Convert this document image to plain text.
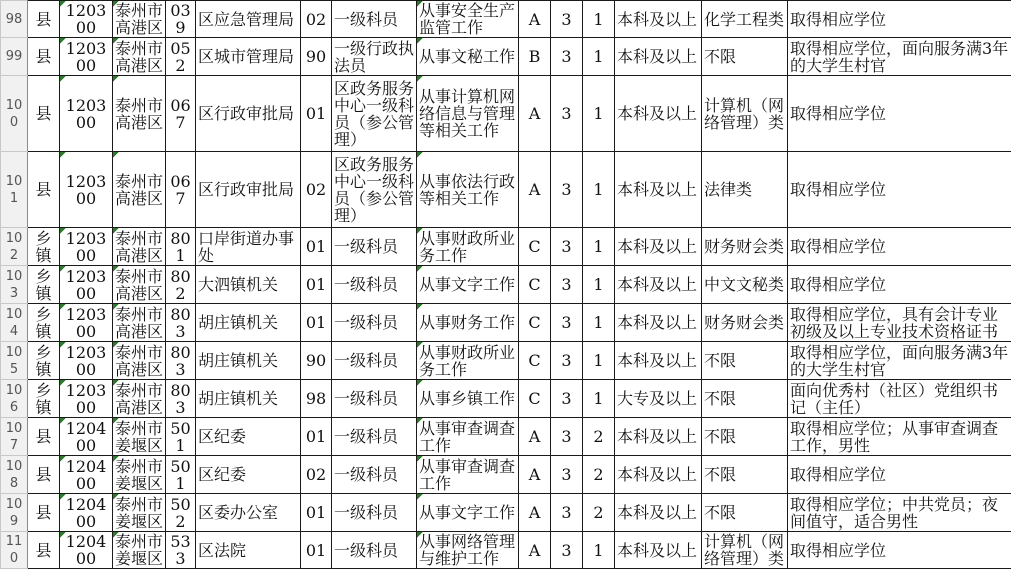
98	县	120300	泰州市高港区	039	区应急管理局	02	一级科员	从事安全生产监管工作	A	3	1	本科及以上	化学工程类	取得相应学位
99	县	120300	泰州市高港区	052	区城市管理局	90	一级行政执法员	从事文秘工作	B	3	1	本科及以上	不限	取得相应学位，面向服务满3年的大学生村官
100	县	120300	泰州市高港区	067	区行政审批局	01	区政务服务中心一级科员（参公管理）	从事计算机网络信息与管理等相关工作	A	3	1	本科及以上	计算机（网络管理）类	取得相应学位
101	县	120300	泰州市高港区	067	区行政审批局	02	区政务服务中心一级科员（参公管理）	从事依法行政等相关工作	A	3	1	本科及以上	法律类	取得相应学位
102	乡镇	120300	泰州市高港区	801	口岸街道办事处	01	一级科员	从事财政所业务工作	C	3	1	本科及以上	财务财会类	取得相应学位
103	乡镇	120300	泰州市高港区	802	大泗镇机关	01	一级科员	从事文字工作	C	3	1	本科及以上	中文文秘类	取得相应学位
104	乡镇	120300	泰州市高港区	803	胡庄镇机关	01	一级科员	从事财务工作	C	3	1	本科及以上	财务财会类	取得相应学位，具有会计专业初级及以上专业技术资格证书
105	乡镇	120300	泰州市高港区	803	胡庄镇机关	90	一级科员	从事财政所业务工作	C	3	1	本科及以上	不限	取得相应学位，面向服务满3年的大学生村官
106	乡镇	120300	泰州市高港区	803	胡庄镇机关	98	一级科员	从事乡镇工作	C	3	1	大专及以上	不限	面向优秀村（社区）党组织书记（主任）
107	县	120400	泰州市姜堰区	501	区纪委	01	一级科员	从事审查调查工作	A	3	2	本科及以上	不限	取得相应学位；从事审查调查工作，男性
108	县	120400	泰州市姜堰区	501	区纪委	02	一级科员	从事审查调查工作	A	3	2	本科及以上	不限	取得相应学位
109	县	120400	泰州市姜堰区	502	区委办公室	01	一级科员	从事文字工作	A	3	2	本科及以上	不限	取得相应学位；中共党员；夜间值守，适合男性
110	县	120400	泰州市姜堰区	533	区法院	01	一级科员	从事网络管理与维护工作	A	3	1	本科及以上	计算机（网络管理）类	取得相应学位
